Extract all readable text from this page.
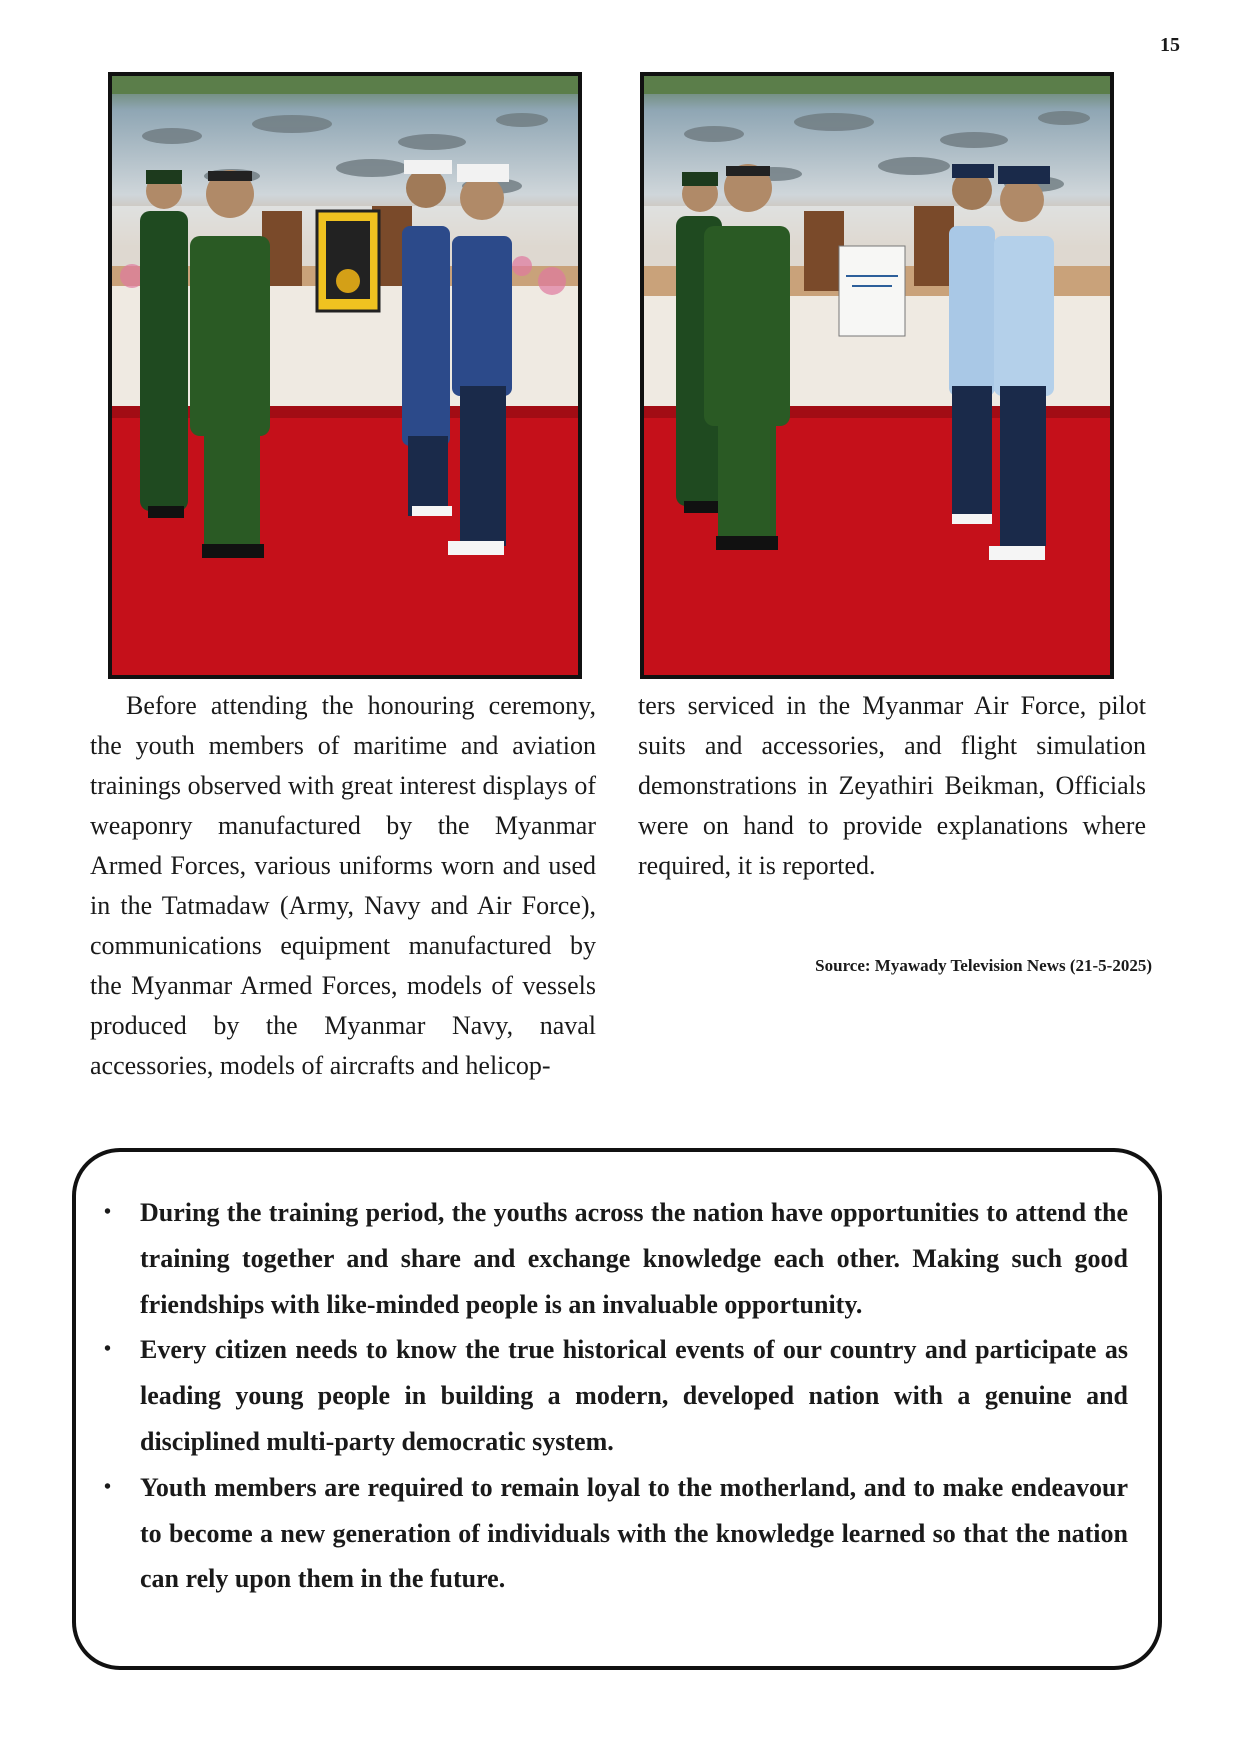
15

Before attending the honouring ceremony, the youth members of maritime and aviation trainings observed with great interest displays of weaponry manufactured by the Myanmar Armed Forces, various uniforms worn and used in the Tatmadaw (Army, Navy and Air Force), communications equipment manufactured by the Myanmar Armed Forces, models of vessels produced by the Myanmar Navy, naval accessories, models of aircrafts and helicop-

ters serviced in the Myanmar Air Force, pilot suits and accessories, and flight simulation demonstrations in Zeyathiri Beikman, Officials were on hand to provide explanations where required, it is reported.

Source: Myawady Television News (21-5-2025)
•	During the training period, the youths across the nation have opportunities to attend the training together and share and exchange knowledge each other. Making such good friendships with like-minded people is an invaluable opportunity.
•	Every citizen needs to know the true historical events of our country and participate as leading young people in building a modern, developed nation with a genuine and disciplined multi-party democratic system.
•	Youth members are required to remain loyal to the motherland, and to make endeavour to become a new generation of individuals with the knowledge learned so that the nation can rely upon them in the future.
